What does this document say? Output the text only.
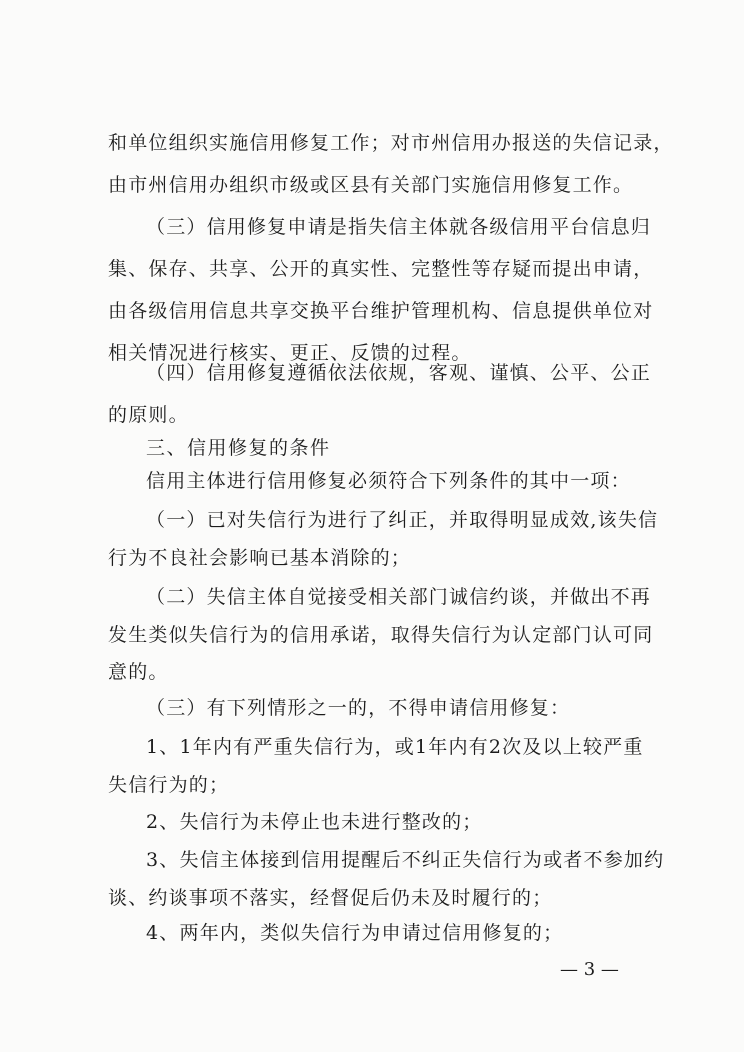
和单位组织实施信用修复工作；对市州信用办报送的失信记录，
由市州信用办组织市级或区县有关部门实施信用修复工作。
（三）信用修复申请是指失信主体就各级信用平台信息归
集、保存、共享、公开的真实性、完整性等存疑而提出申请，
由各级信用信息共享交换平台维护管理机构、信息提供单位对
相关情况进行核实、更正、反馈的过程。
（四）信用修复遵循依法依规，客观、谨慎、公平、公正
的原则。
三、信用修复的条件
信用主体进行信用修复必须符合下列条件的其中一项：
（一）已对失信行为进行了纠正，并取得明显成效,该失信
行为不良社会影响已基本消除的；
（二）失信主体自觉接受相关部门诚信约谈，并做出不再
发生类似失信行为的信用承诺，取得失信行为认定部门认可同
意的。
（三）有下列情形之一的，不得申请信用修复：
1、1年内有严重失信行为，或1年内有2次及以上较严重
失信行为的；
2、失信行为未停止也未进行整改的；
3、失信主体接到信用提醒后不纠正失信行为或者不参加约
谈、约谈事项不落实，经督促后仍未及时履行的；
4、两年内，类似失信行为申请过信用修复的；
— 3 —
